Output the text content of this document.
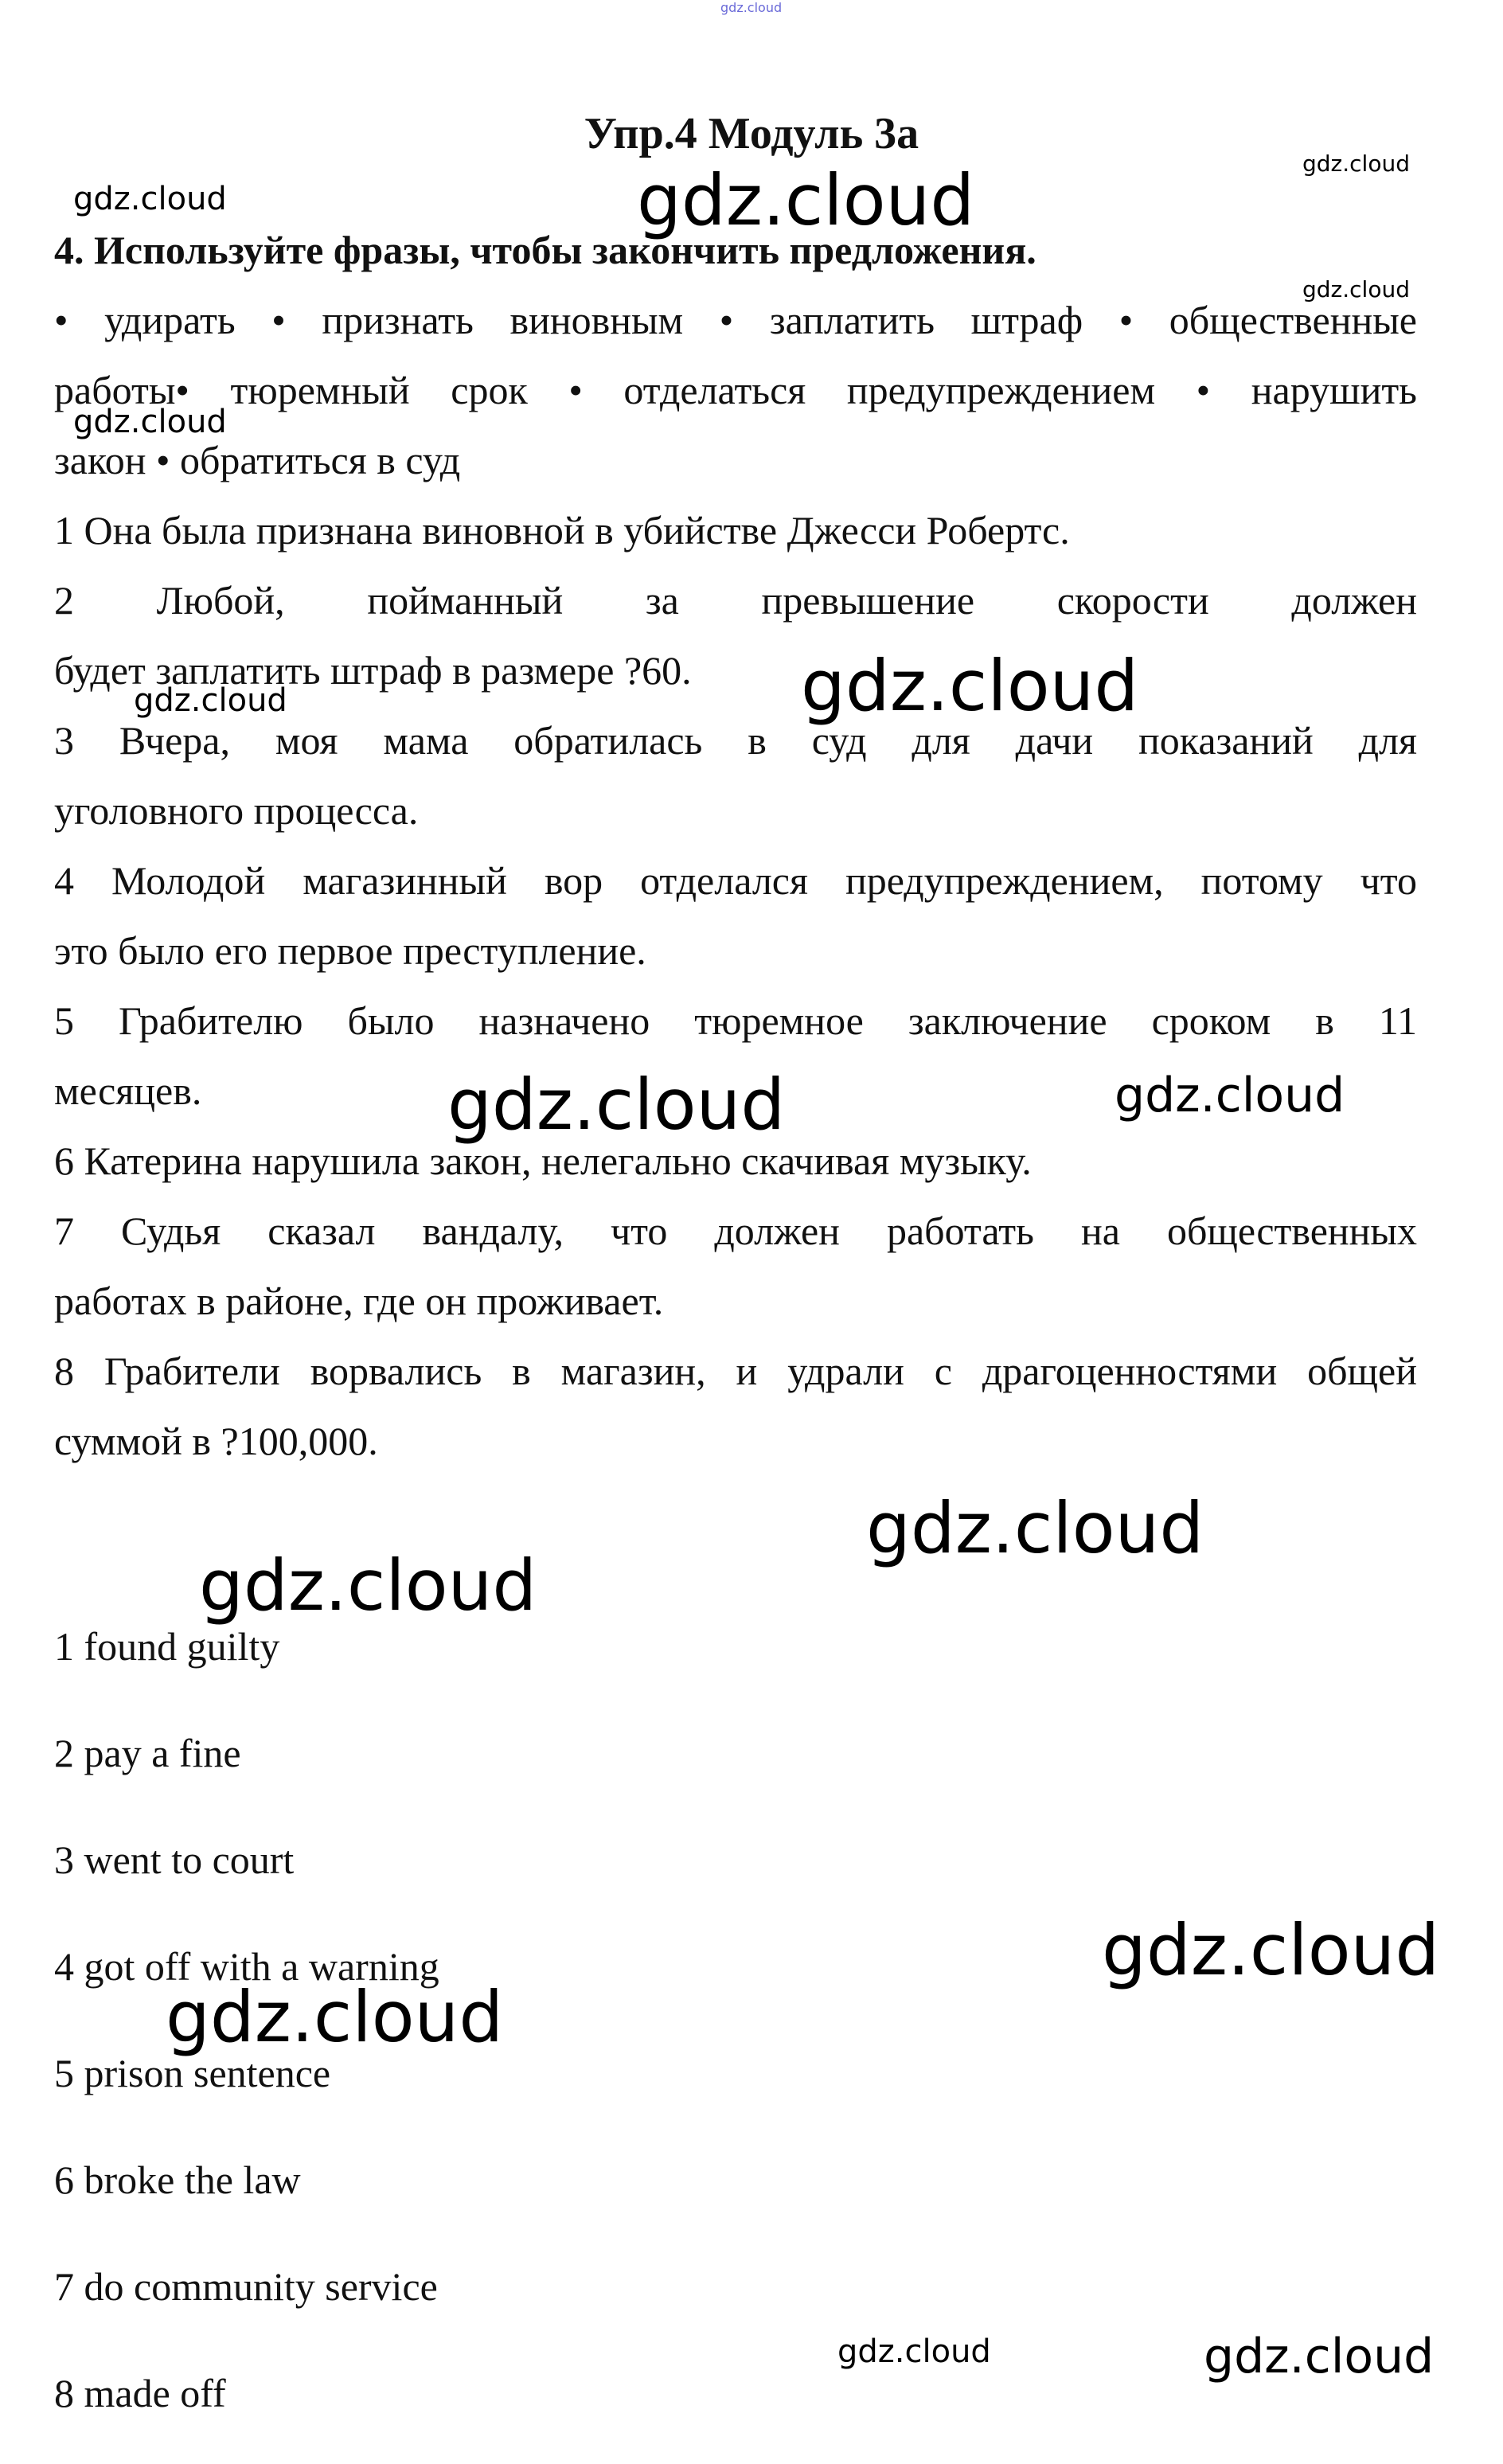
gdz.cloud
Упр.4 Модуль 3а
4. Используйте фразы, чтобы закончить предложения.
• удирать • признать виновным • заплатить штраф • общественные
работы• тюремный срок • отделаться предупреждением • нарушить
закон • обратиться в суд
1 Она была признана виновной в убийстве Джесси Робертс.
2 Любой, пойманный за превышение скорости должен
будет заплатить штраф в размере ?60.
3 Вчера, моя мама обратилась в суд для дачи показаний для
уголовного процесса.
4 Молодой магазинный вор отделался предупреждением, потому что
это было его первое преступление.
5 Грабителю было назначено тюремное заключение сроком в 11
месяцев.
6 Катерина нарушила закон, нелегально скачивая музыку.
7 Судья сказал вандалу, что должен работать на общественных
работах в районе, где он проживает.
8 Грабители ворвались в магазин, и удрали с драгоценностями общей
суммой в ?100,000.
1 found guilty
2 pay a fine
3 went to court
4 got off with a warning
5 prison sentence
6 broke the law
7 do community service
8 made off
gdz.cloud
gdz.cloud	gdz.cloud
gdz.cloud
gdz.cloud
gdz.cloud	gdz.cloud
gdz.cloud	gdz.cloud
gdz.cloud
gdz.cloud
gdz.cloud
gdz.cloud
gdz.cloud	gdz.cloud
